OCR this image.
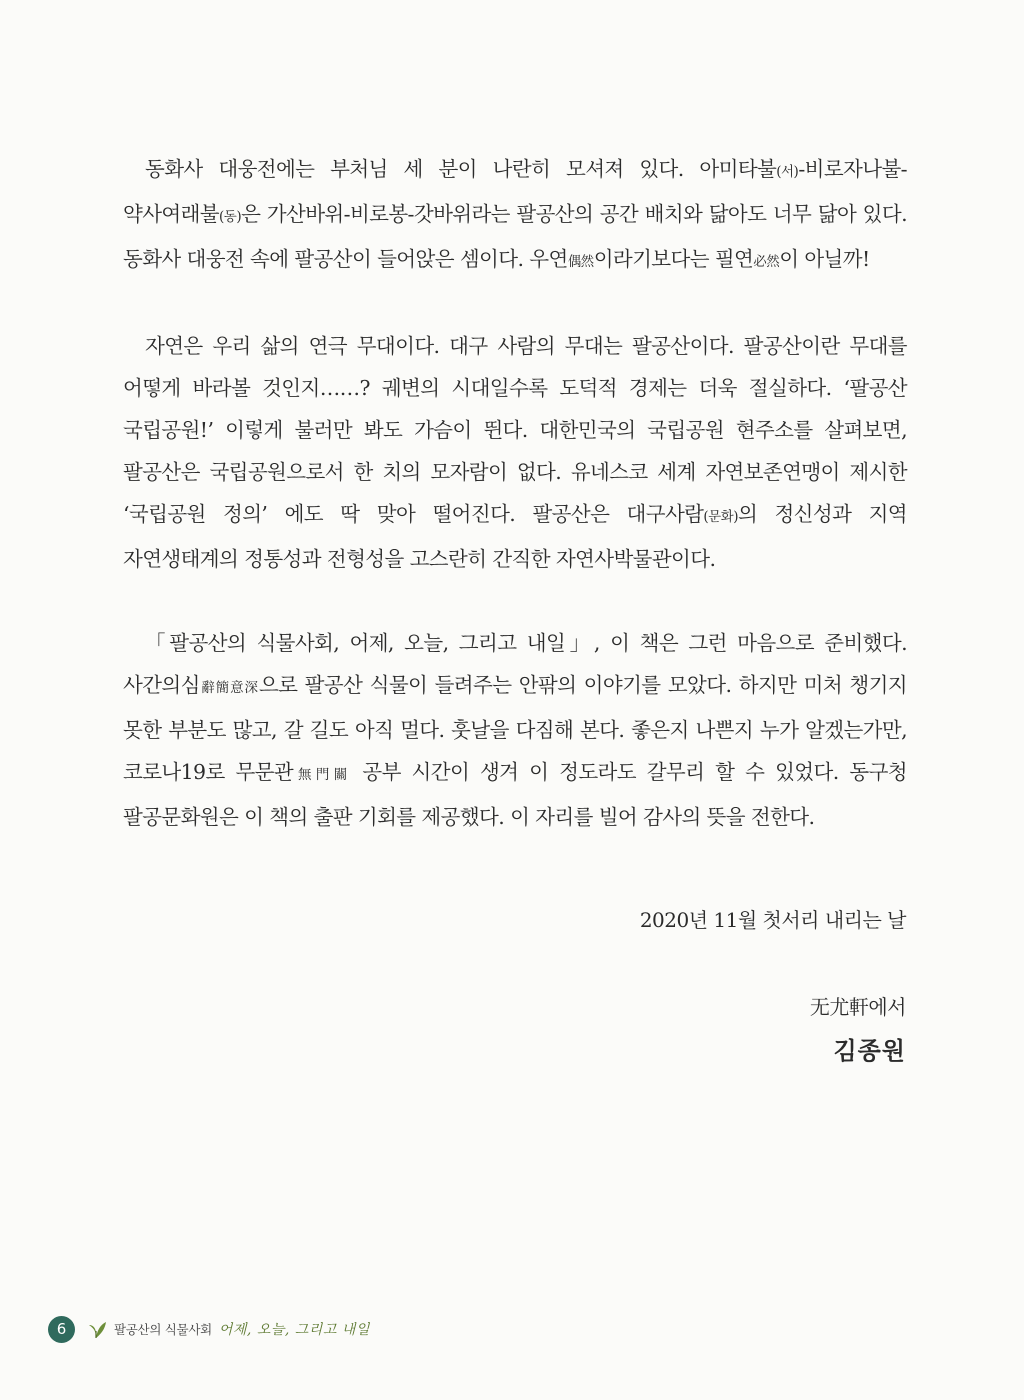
동화사 대웅전에는 부처님 세 분이 나란히 모셔져 있다. 아미타불(서)-비로자나불-약사여래불(동)은 가산바위-비로봉-갓바위라는 팔공산의 공간 배치와 닮아도 너무 닮아 있다. 동화사 대웅전 속에 팔공산이 들어앉은 셈이다. 우연偶然이라기보다는 필연必然이 아닐까!

자연은 우리 삶의 연극 무대이다. 대구 사람의 무대는 팔공산이다. 팔공산이란 무대를 어떻게 바라볼 것인지……? 궤변의 시대일수록 도덕적 경제는 더욱 절실하다. ‘팔공산 국립공원!’ 이렇게 불러만 봐도 가슴이 뛴다. 대한민국의 국립공원 현주소를 살펴보면, 팔공산은 국립공원으로서 한 치의 모자람이 없다. 유네스코 세계 자연보존연맹이 제시한 ‘국립공원 정의’ 에도 딱 맞아 떨어진다. 팔공산은 대구사람(문화)의 정신성과 지역 자연생태계의 정통성과 전형성을 고스란히 간직한 자연사박물관이다.

「팔공산의 식물사회, 어제, 오늘, 그리고 내일」, 이 책은 그런 마음으로 준비했다. 사간의심辭簡意深으로 팔공산 식물이 들려주는 안팎의 이야기를 모았다. 하지만 미처 챙기지 못한 부분도 많고, 갈 길도 아직 멀다. 훗날을 다짐해 본다. 좋은지 나쁜지 누가 알겠는가만, 코로나19로 무문관無門關 공부 시간이 생겨 이 정도라도 갈무리 할 수 있었다. 동구청 팔공문화원은 이 책의 출판 기회를 제공했다. 이 자리를 빌어 감사의 뜻을 전한다.

2020년 11월 첫서리 내리는 날
无尤軒에서
김종원
6	팔공산의 식물사회 어제, 오늘, 그리고 내일
